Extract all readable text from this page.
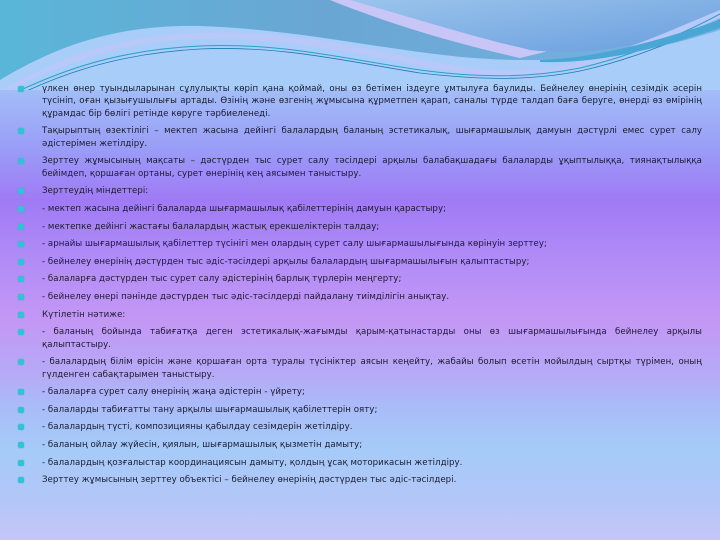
үлкен өнер туындыларынан сұлулықты көріп қана қоймай, оны өз бетімен іздеуге ұмтылуға баулиды. Бейнелеу өнерінің сезімдік әсерін түсініп, оған қызығушылығы артады. Өзінің және өзгенің жұмысына құрметпен қарап, саналы түрде талдап баға беруге, өнерді өз өмірінің құрамдас бір бөлігі ретінде көруге тәрбиеленеді.
Тақырыптың өзектілігі – мектеп жасына дейінгі балалардың баланың эстетикалық, шығармашылық дамуын дәстүрлі емес сурет салу әдістерімен жетілдіру.
Зерттеу жұмысының мақсаты – дәстүрден тыс сурет салу тәсілдері арқылы балабақшадағы балаларды ұқыптылыққа, тиянақтылыққа бейімдеп, қоршаған ортаны, сурет өнерінің кең аясымен таныстыру.
Зерттеудің міндеттері:
- мектеп жасына дейінгі балаларда шығармашылық қабілеттерінің дамуын қарастыру;
- мектепке дейінгі жастағы балалардың жастық ерекшеліктерін талдау;
- арнайы шығармашылық қабілеттер түсінігі мен олардың сурет салу шығармашылығында көрінуін зерттеу;
- бейнелеу өнерінің дәстүрден тыс әдіс-тәсілдері арқылы балалардың шығармашылығын қалыптастыру;
- балаларға дәстүрден тыс сурет салу әдістерінің барлық түрлерін меңгерту;
- бейнелеу өнері пәнінде дәстүрден тыс әдіс-тәсілдерді пайдалану тиімділігін анықтау.
Күтілетін нәтиже:
- баланың бойында табиғатқа деген эстетикалық-жағымды қарым-қатынастарды оны өз шығармашылығында бейнелеу арқылы қалыптастыру.
- балалардың білім өрісін және қоршаған орта туралы түсініктер аясын кеңейту, жабайы болып өсетін мойылдың сыртқы түрімен, оның гүлденген сабақтарымен таныстыру.
- балаларға сурет салу өнерінің жаңа әдістерін - үйрету;
- балаларды табиғатты тану арқылы шығармашылық қабілеттерін ояту;
- балалардың түсті, композицияны қабылдау сезімдерін жетілдіру.
- баланың ойлау жүйесін, қиялын, шығармашылық қызметін дамыту;
- балалардың қозғалыстар координациясын дамыту, қолдың ұсақ моторикасын жетілдіру.
Зерттеу жұмысының зерттеу объектісі – бейнелеу өнерінің дәстүрден тыс әдіс-тәсілдері.
